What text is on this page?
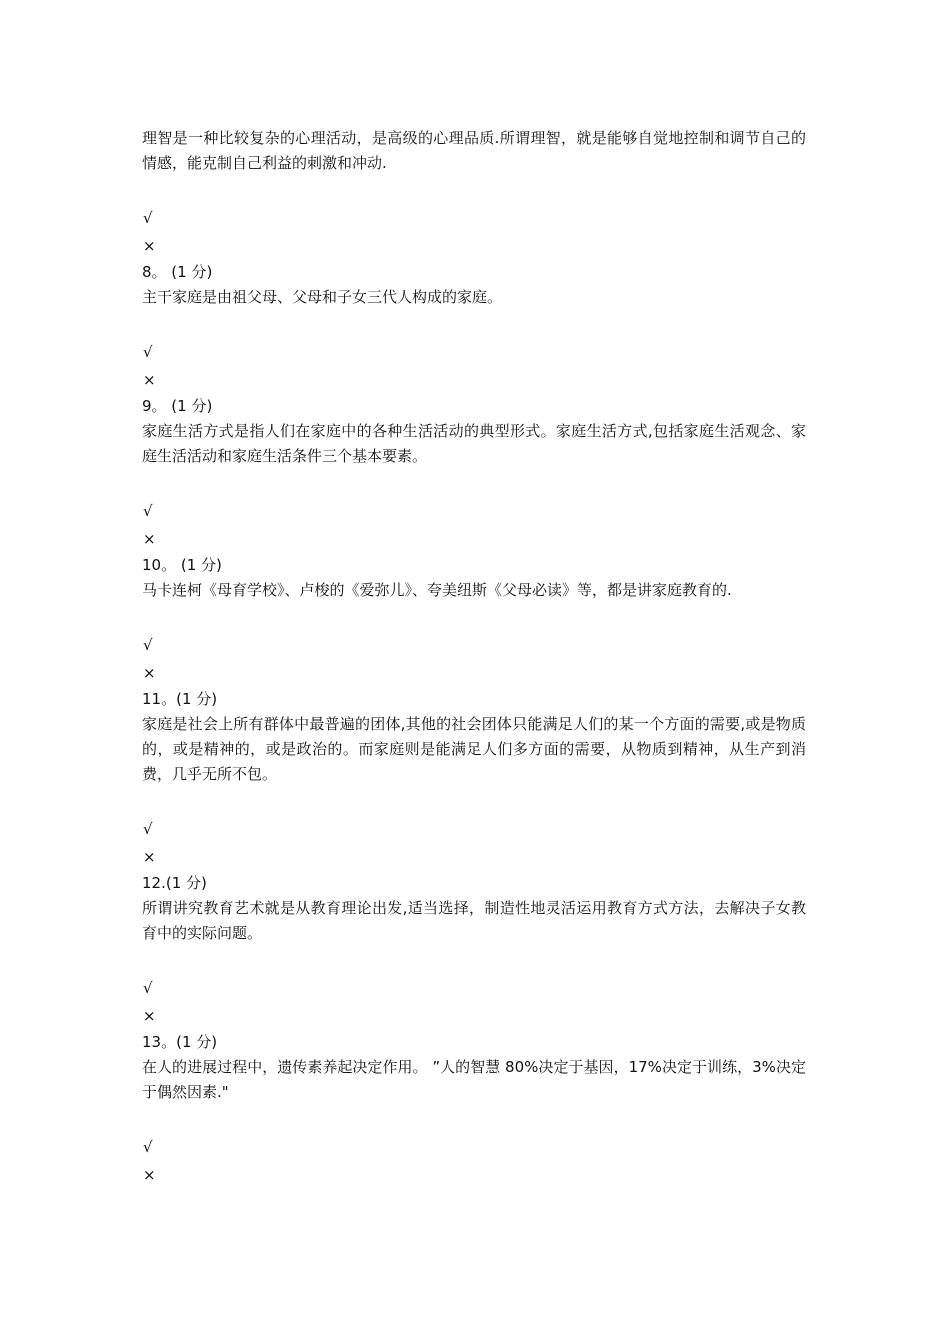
理智是一种比较复杂的心理活动，是高级的心理品质.所谓理智，就是能够自觉地控制和调节自己的情感，能克制自己利益的刺激和冲动.

√
×
8。 (1 分)

主干家庭是由祖父母、父母和子女三代人构成的家庭。

√
×
9。 (1 分)

家庭生活方式是指人们在家庭中的各种生活活动的典型形式。家庭生活方式,包括家庭生活观念、家庭生活活动和家庭生活条件三个基本要素。

√
×
10。 (1 分)

马卡连柯《母育学校》、卢梭的《爱弥儿》、夸美纽斯《父母必读》等，都是讲家庭教育的.

√
×
11。(1 分)

家庭是社会上所有群体中最普遍的团体,其他的社会团体只能满足人们的某一个方面的需要,或是物质的，或是精神的，或是政治的。而家庭则是能满足人们多方面的需要，从物质到精神，从生产到消费，几乎无所不包。

√
×
12.(1 分)

所谓讲究教育艺术就是从教育理论出发,适当选择，制造性地灵活运用教育方式方法，去解决子女教育中的实际问题。

√
×
13。(1 分)

在人的进展过程中，遗传素养起决定作用。 ”人的智慧 80%决定于基因，17%决定于训练，3%决定于偶然因素."

√
×
